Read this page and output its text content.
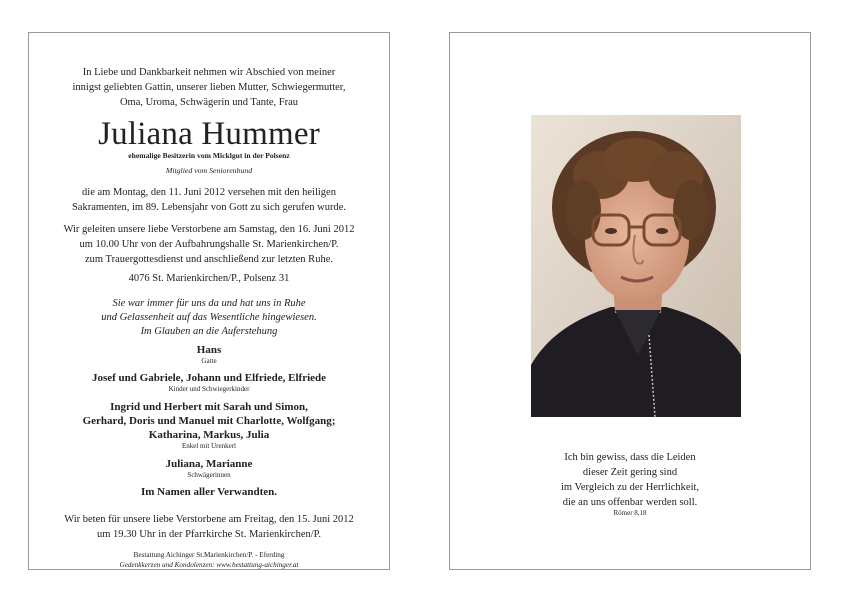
In Liebe und Dankbarkeit nehmen wir Abschied von meiner
innigst geliebten Gattin, unserer lieben Mutter, Schwiegermutter,
Oma, Uroma, Schwägerin und Tante, Frau
Juliana Hummer
ehemalige Besitzerin vom Micklgut in der Polsenz
Mitglied vom Seniorenbund
die am Montag, den 11. Juni 2012 versehen mit den heiligen
Sakramenten, im 89. Lebensjahr von Gott zu sich gerufen wurde.
Wir geleiten unsere liebe Verstorbene am Samstag, den 16. Juni 2012
um 10.00 Uhr von der Aufbahrungshalle St. Marienkirchen/P.
zum Trauergottesdienst und anschließend zur letzten Ruhe.
4076 St. Marienkirchen/P., Polsenz 31
Sie war immer für uns da und hat uns in Ruhe
und Gelassenheit auf das Wesentliche hingewiesen.
Im Glauben an die Auferstehung
Hans
Gatte
Josef und Gabriele, Johann und Elfriede, Elfriede
Kinder und Schwiegerkinder
Ingrid und Herbert mit Sarah und Simon,
Gerhard, Doris und Manuel mit Charlotte, Wolfgang;
Katharina, Markus, Julia
Enkel mit Urenkerl
Juliana, Marianne
Schwägerinnen
Im Namen aller Verwandten.
Wir beten für unsere liebe Verstorbene am Freitag, den 15. Juni 2012
um 19.30 Uhr in der Pfarrkirche St. Marienkirchen/P.
Bestattung Aichinger St.Marienkirchen/P. - Eferding
Gedenkkerzen und Kondolenzen: www.bestattung-aichinger.at
Ich bin gewiss, dass die Leiden
dieser Zeit gering sind
im Vergleich zu der Herrlichkeit,
die an uns offenbar werden soll.
Römer 8,18
